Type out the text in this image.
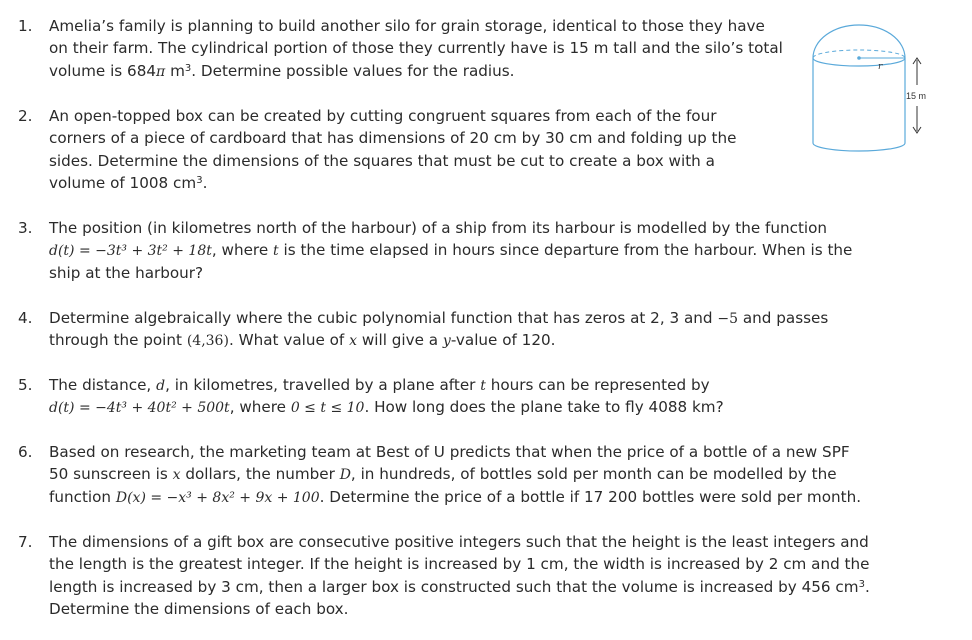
1. Amelia’s family is planning to build another silo for grain storage, identical to those they have
on their farm. The cylindrical portion of those they currently have is 15 m tall and the silo’s total
volume is 684π $m^3$. Determine possible values for the radius.	r
15 m
2. An open-topped box can be created by cutting congruent squares from each of the four
corners of a piece of cardboard that has dimensions of 20 cm by 30 cm and folding up the
sides. Determine the dimensions of the squares that must be cut to create a box with a
volume of 1008 $cm^3$.
3. The position (in kilometres north of the harbour) of a ship from its harbour is modelled by the function
d(t) = −3t³ + 3t² + 18t, where t is the time elapsed in hours since departure from the harbour. When is the
ship at the harbour?
4. Determine algebraically where the cubic polynomial function that has zeros at 2, 3 and −5 and passes
through the point (4,36). What value of x will give a y-value of 120.
5. The distance, d, in kilometres, travelled by a plane after t hours can be represented by
d(t) = −4t³ + 40t² + 500t, where 0 ≤ t ≤ 10. How long does the plane take to fly 4088 km?
6. Based on research, the marketing team at Best of U predicts that when the price of a bottle of a new SPF
50 sunscreen is x dollars, the number D, in hundreds, of bottles sold per month can be modelled by the
function D(x) = −x³ + 8x² + 9x + 100. Determine the price of a bottle if 17 200 bottles were sold per month.
7. The dimensions of a gift box are consecutive positive integers such that the height is the least integers and
the length is the greatest integer. If the height is increased by 1 cm, the width is increased by 2 cm and the
length is increased by 3 cm, then a larger box is constructed such that the volume is increased by 456 $cm^3$.
Determine the dimensions of each box.
